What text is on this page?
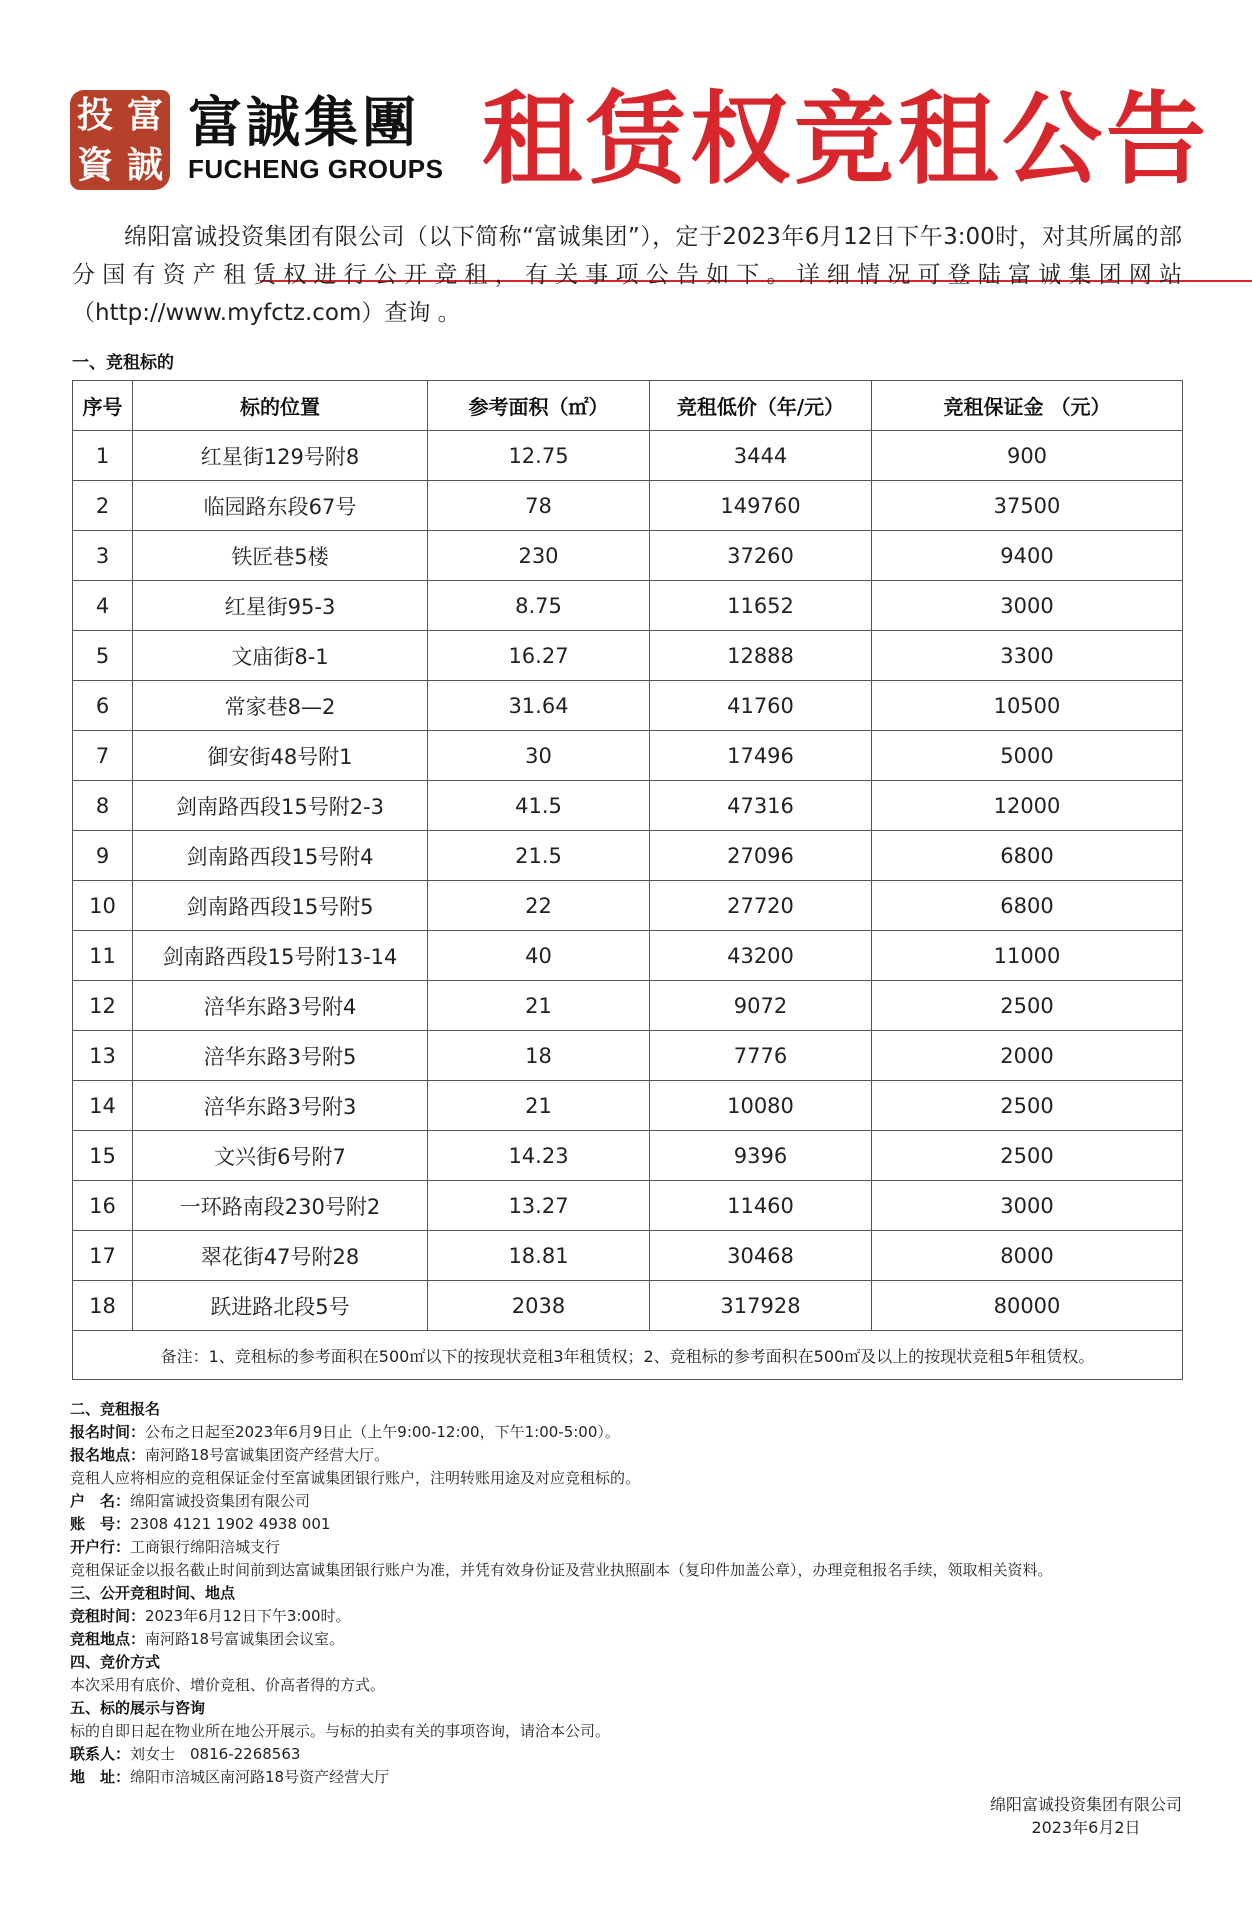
投 富
資 誠
富誠集團
FUCHENG GROUPS 租赁权竞租公告
绵阳富诚投资集团有限公司（以下简称“富诚集团”），定于2023年6月12日下午3:00时，对其所属的部分国有资产租赁权进行公开竞租，有关事项公告如下。详细情况可登陆富诚集团网站（http://www.myfctz.com）查询 。
一、竞租标的
序号	标的位置	参考面积（㎡）	竞租低价（年/元）	竞租保证金 （元）
1	红星街129号附8	12.75	3444	900
2	临园路东段67号	78	149760	37500
3	铁匠巷5楼	230	37260	9400
4	红星街95-3	8.75	11652	3000
5	文庙街8-1	16.27	12888	3300
6	常家巷8—2	31.64	41760	10500
7	御安街48号附1	30	17496	5000
8	剑南路西段15号附2-3	41.5	47316	12000
9	剑南路西段15号附4	21.5	27096	6800
10	剑南路西段15号附5	22	27720	6800
11	剑南路西段15号附13-14	40	43200	11000
12	涪华东路3号附4	21	9072	2500
13	涪华东路3号附5	18	7776	2000
14	涪华东路3号附3	21	10080	2500
15	文兴街6号附7	14.23	9396	2500
16	一环路南段230号附2	13.27	11460	3000
17	翠花街47号附28	18.81	30468	8000
18	跃进路北段5号	2038	317928	80000
备注：1、竞租标的参考面积在500㎡以下的按现状竞租3年租赁权；2、竞租标的参考面积在500㎡及以上的按现状竞租5年租赁权。				
二、竞租报名
报名时间：公布之日起至2023年6月9日止（上午9:00-12:00，下午1:00-5:00）。
报名地点：南河路18号富诚集团资产经营大厅。
竞租人应将相应的竞租保证金付至富诚集团银行账户，注明转账用途及对应竞租标的。
户　名：绵阳富诚投资集团有限公司
账　号：2308 4121 1902 4938 001
开户行：工商银行绵阳涪城支行
竞租保证金以报名截止时间前到达富诚集团银行账户为准，并凭有效身份证及营业执照副本（复印件加盖公章），办理竞租报名手续，领取相关资料。
三、公开竞租时间、地点
竞租时间：2023年6月12日下午3:00时。
竞租地点：南河路18号富诚集团会议室。
四、竞价方式
本次采用有底价、增价竞租、价高者得的方式。
五、标的展示与咨询
标的自即日起在物业所在地公开展示。与标的拍卖有关的事项咨询，请洽本公司。
联系人：刘女士　0816-2268563
地　址：绵阳市涪城区南河路18号资产经营大厅
绵阳富诚投资集团有限公司
2023年6月2日
